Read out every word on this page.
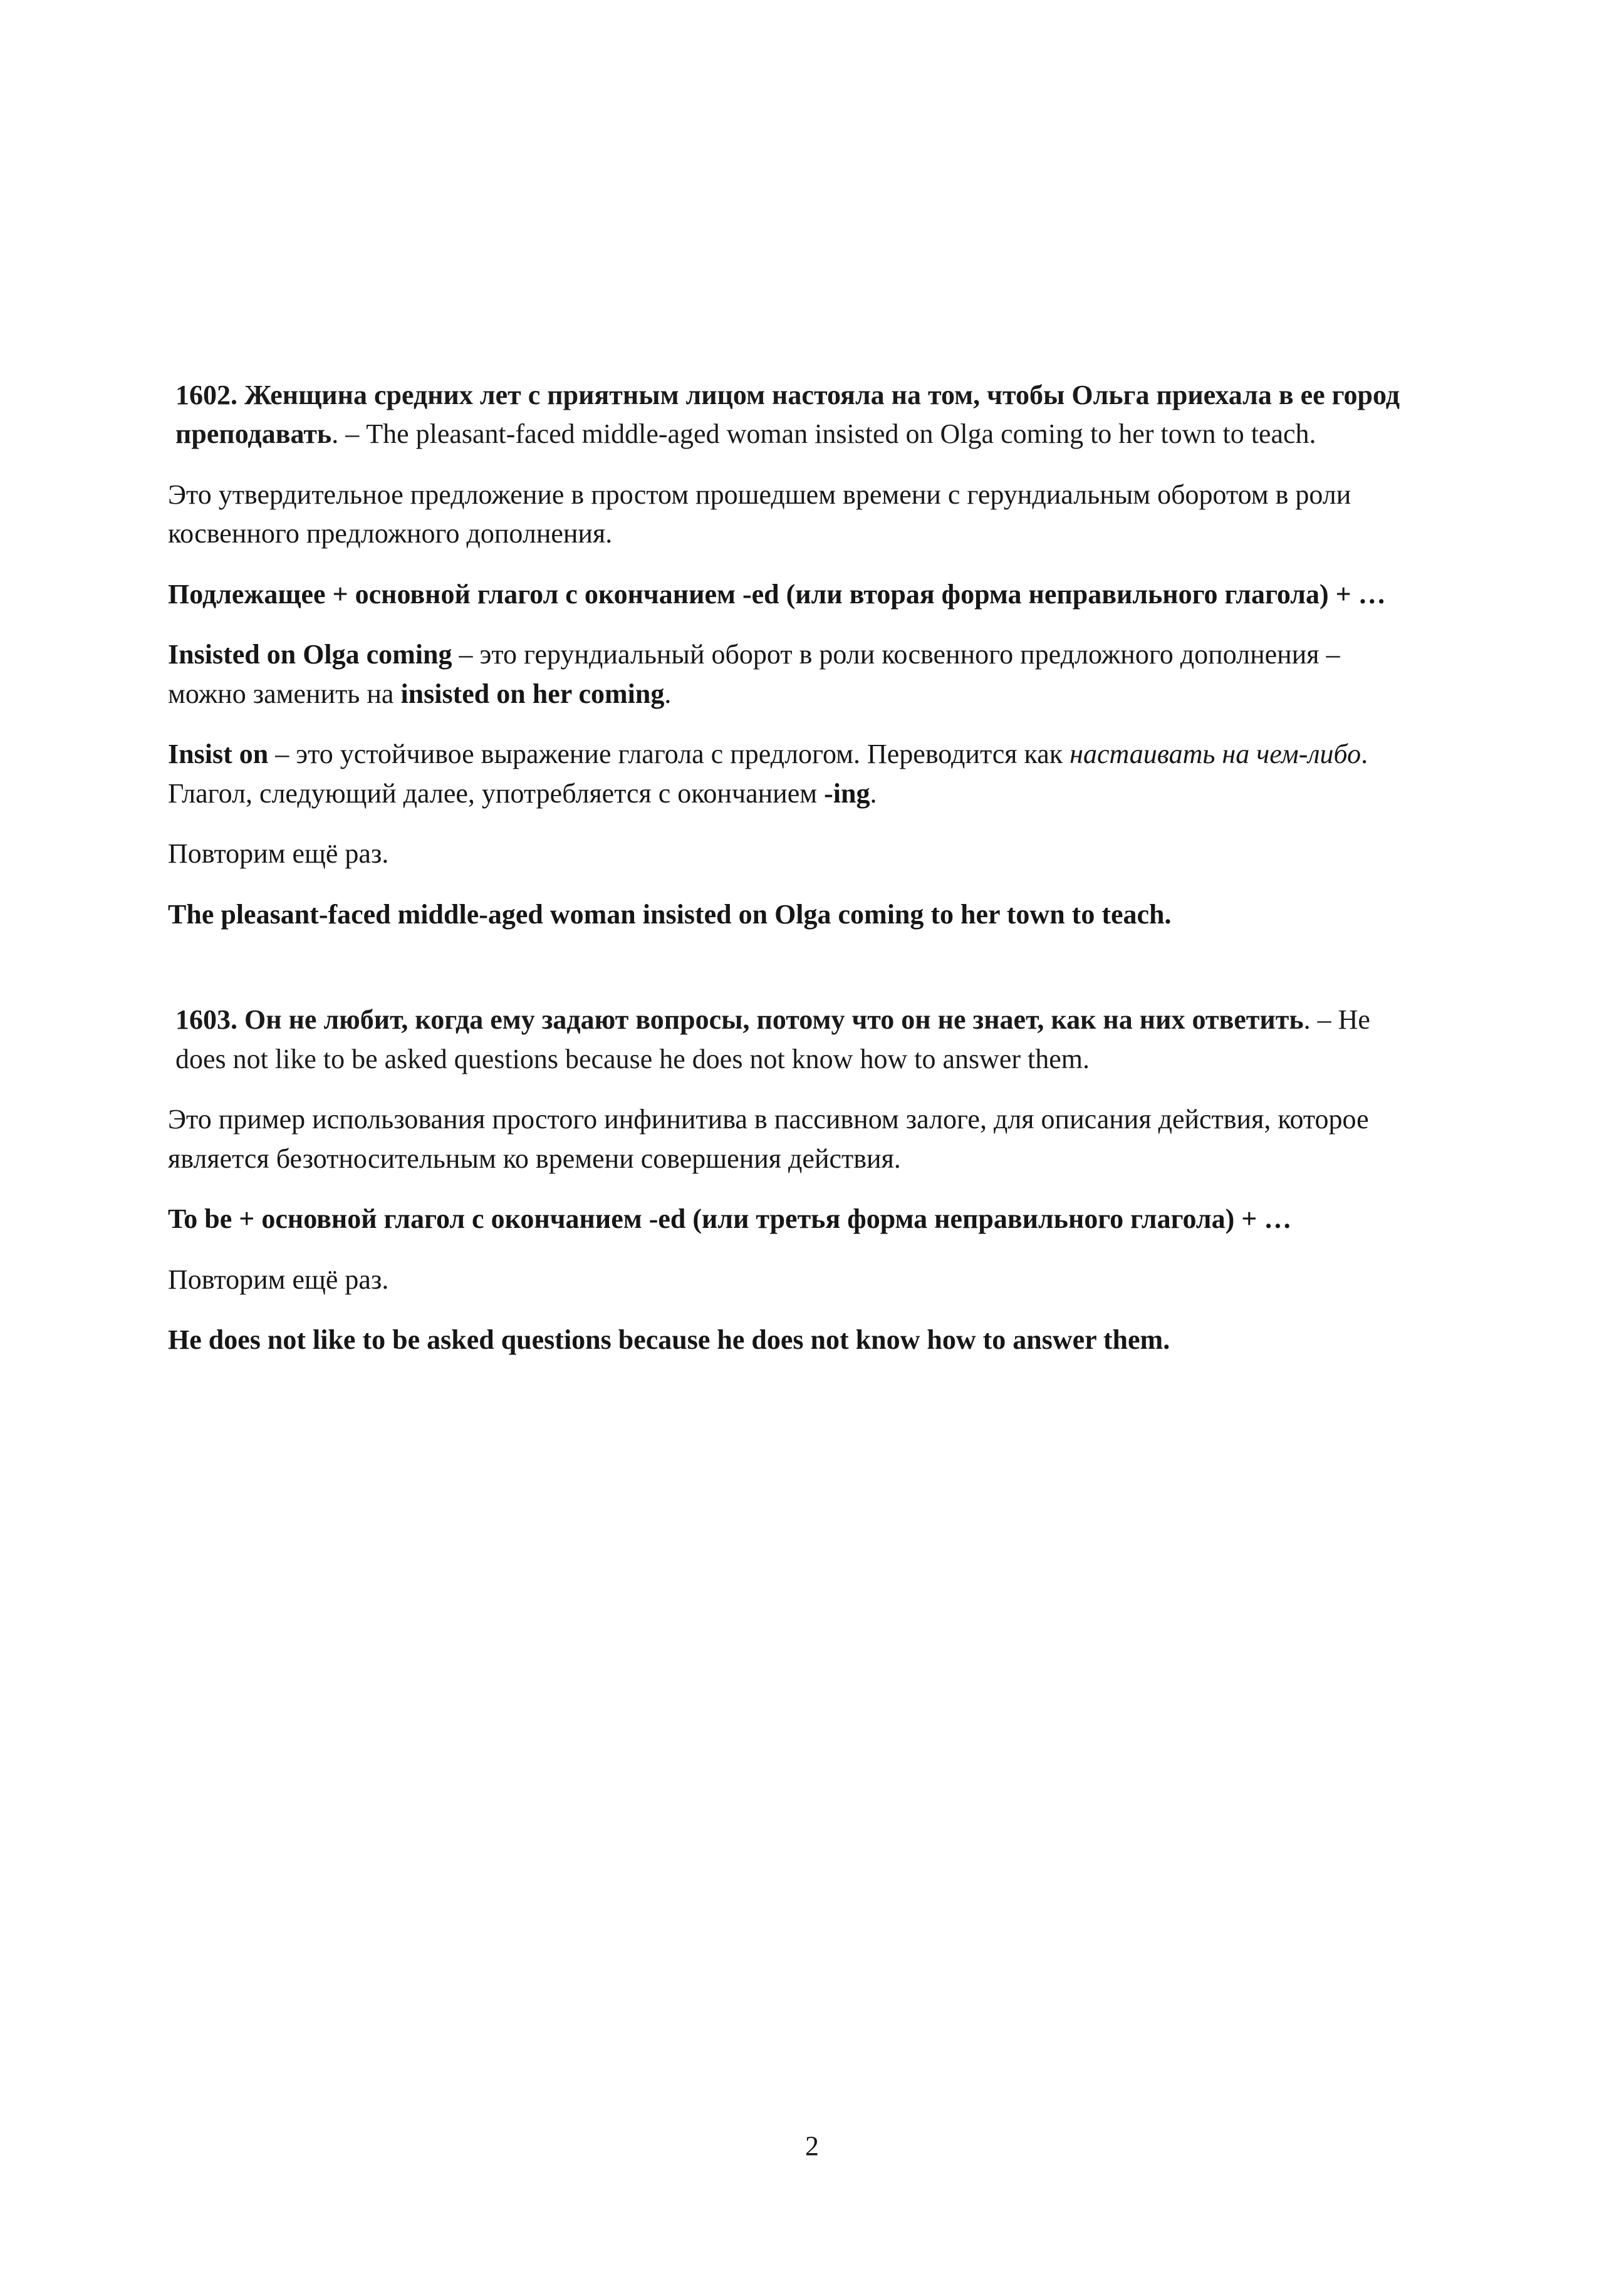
1602. Женщина средних лет с приятным лицом настояла на том, чтобы Ольга приехала в ее город преподавать. – The pleasant-faced middle-aged woman insisted on Olga coming to her town to teach.

Это утвердительное предложение в простом прошедшем времени с герундиальным оборотом в роли косвенного предложного дополнения.

Подлежащее + основной глагол с окончанием -ed (или вторая форма неправильного глагола) + …

Insisted on Olga coming – это герундиальный оборот в роли косвенного предложного дополнения – можно заменить на insisted on her coming.

Insist on – это устойчивое выражение глагола с предлогом. Переводится как настаивать на чем-либо. Глагол, следующий далее, употребляется с окончанием -ing.

Повторим ещё раз.

The pleasant-faced middle-aged woman insisted on Olga coming to her town to teach.

1603. Он не любит, когда ему задают вопросы, потому что он не знает, как на них ответить. – He does not like to be asked questions because he does not know how to answer them.

Это пример использования простого инфинитива в пассивном залоге, для описания действия, которое является безотносительным ко времени совершения действия.

To be + основной глагол с окончанием -ed (или третья форма неправильного глагола) + …

Повторим ещё раз.

He does not like to be asked questions because he does not know how to answer them.

2
